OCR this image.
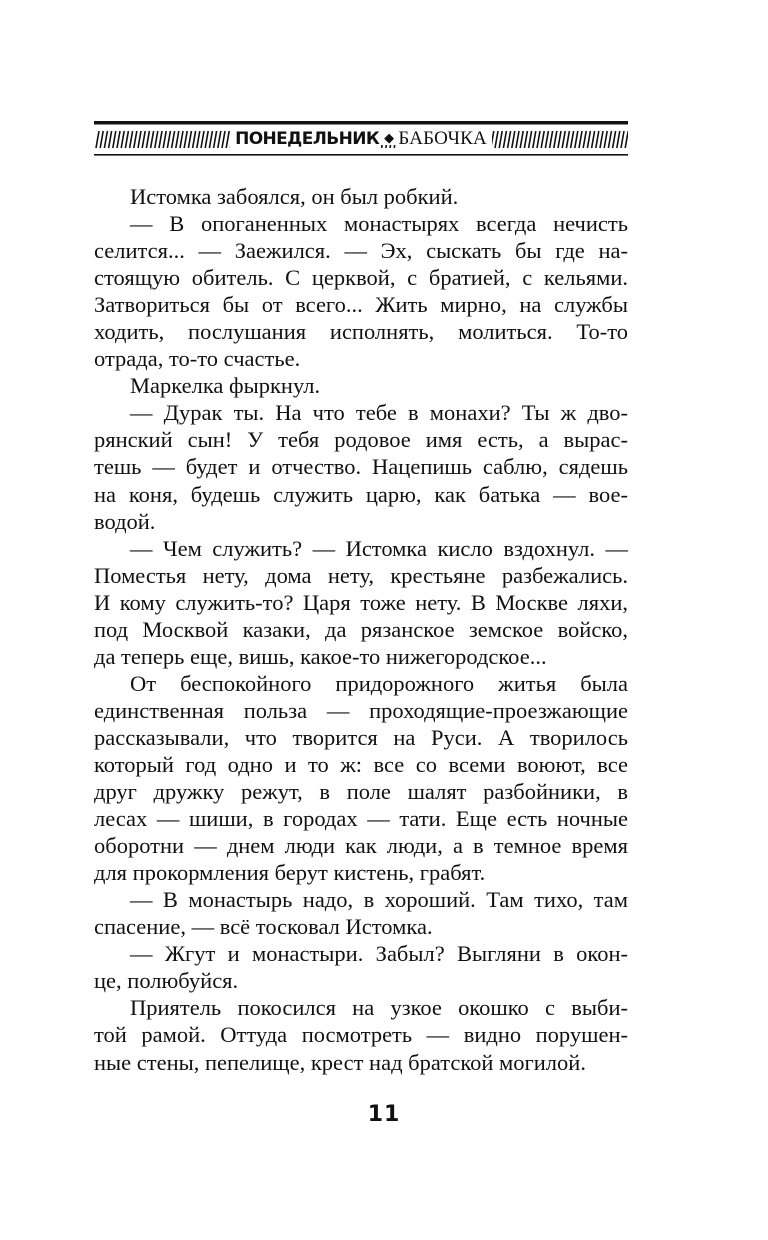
ПОНЕДЕЛЬНИК ◆ БАБОЧКА
Истомка забоялся, он был робкий.
— В опоганенных монастырях всегда нечисть
селится... — Заежился. — Эх, сыскать бы где на-
стоящую обитель. С церквой, с братией, с кельями.
Затвориться бы от всего... Жить мирно, на службы
ходить, послушания исполнять, молиться. То-то
отрада, то-то счастье.
Маркелка фыркнул.
— Дурак ты. На что тебе в монахи? Ты ж дво-
рянский сын! У тебя родовое имя есть, а вырас-
тешь — будет и отчество. Нацепишь саблю, сядешь
на коня, будешь служить царю, как батька — вое-
водой.
— Чем служить? — Истомка кисло вздохнул. —
Поместья нету, дома нету, крестьяне разбежались.
И кому служить-то? Царя тоже нету. В Москве ляхи,
под Москвой казаки, да рязанское земское войско,
да теперь еще, вишь, какое-то нижегородское...
От беспокойного придорожного житья была
единственная польза — проходящие-проезжающие
рассказывали, что творится на Руси. А творилось
который год одно и то ж: все со всеми воюют, все
друг дружку режут, в поле шалят разбойники, в
лесах — шиши, в городах — тати. Еще есть ночные
оборотни — днем люди как люди, а в темное время
для прокормления берут кистень, грабят.
— В монастырь надо, в хороший. Там тихо, там
спасение, — всё тосковал Истомка.
— Жгут и монастыри. Забыл? Выгляни в окон-
це, полюбуйся.
Приятель покосился на узкое окошко с выби-
той рамой. Оттуда посмотреть — видно порушен-
ные стены, пепелище, крест над братской могилой.
11
